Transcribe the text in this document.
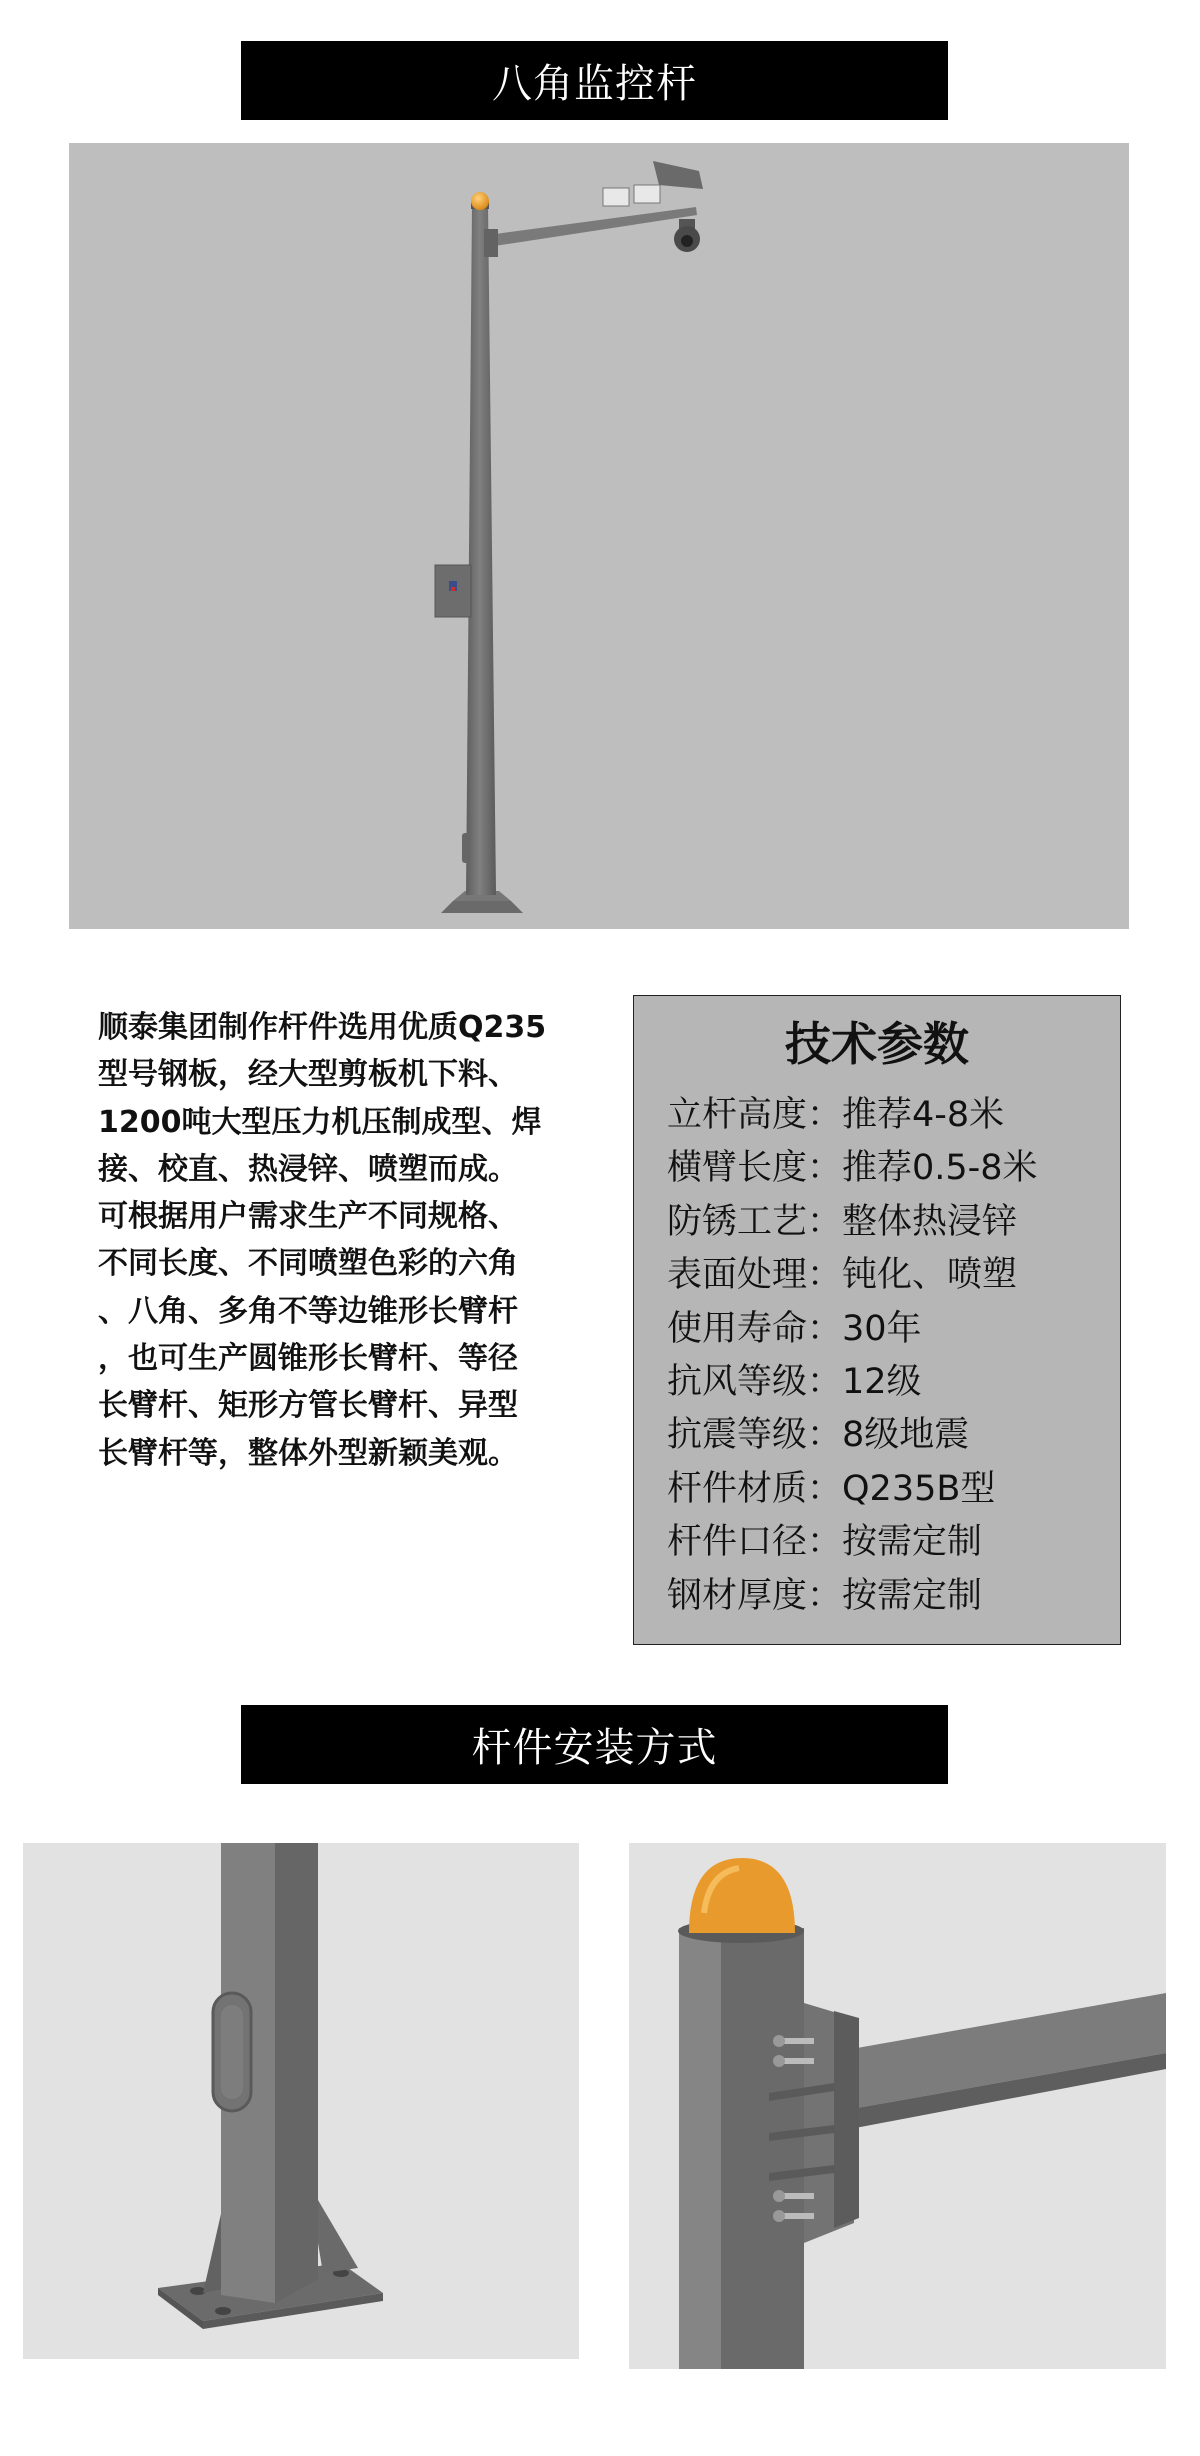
八角监控杆
顺泰集团制作杆件选用优质Q235
型号钢板，经大型剪板机下料、
1200吨大型压力机压制成型、焊
接、校直、热浸锌、喷塑而成。
可根据用户需求生产不同规格、
不同长度、不同喷塑色彩的六角
、八角、多角不等边锥形长臂杆
，也可生产圆锥形长臂杆、等径
长臂杆、矩形方管长臂杆、异型
长臂杆等，整体外型新颖美观。
技术参数
立杆高度：推荐4-8米
横臂长度：推荐0.5-8米
防锈工艺：整体热浸锌
表面处理：钝化、喷塑
使用寿命：30年
抗风等级：12级
抗震等级：8级地震
杆件材质：Q235B型
杆件口径：按需定制
钢材厚度：按需定制
杆件安装方式
